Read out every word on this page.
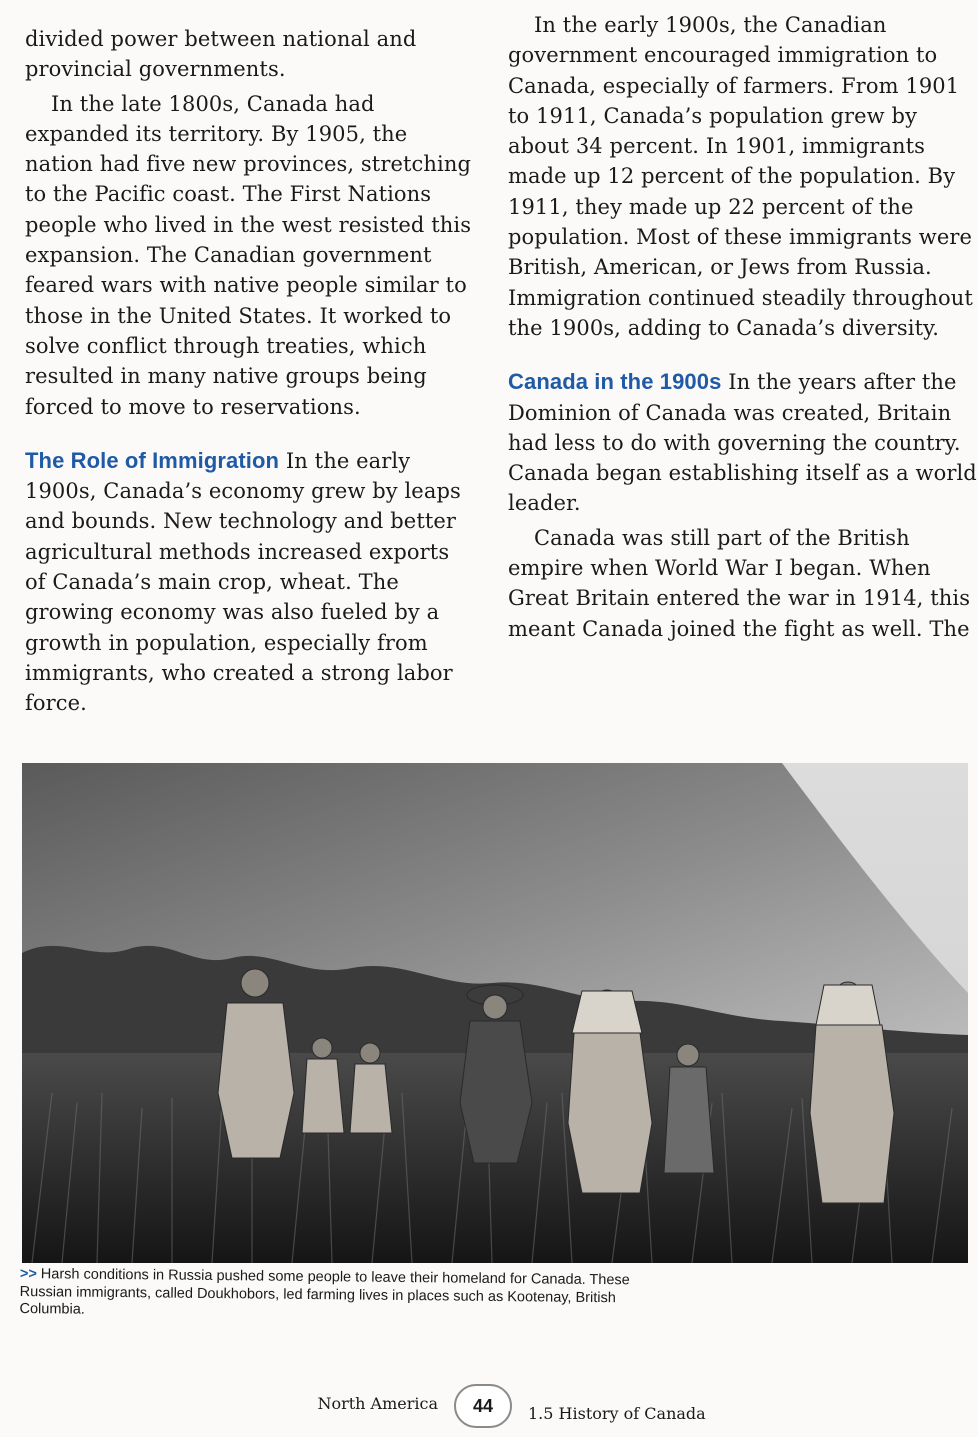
divided power between national and provincial governments.

In the late 1800s, Canada had expanded its territory. By 1905, the nation had five new provinces, stretching to the Pacific coast. The First Nations people who lived in the west resisted this expansion. The Canadian government feared wars with native people similar to those in the United States. It worked to solve conflict through treaties, which resulted in many native groups being forced to move to reservations.

The Role of Immigration In the early 1900s, Canada’s economy grew by leaps and bounds. New technology and better agricultural methods increased exports of Canada’s main crop, wheat. The growing economy was also fueled by a growth in population, especially from immigrants, who created a strong labor force.

In the early 1900s, the Canadian government encouraged immigration to Canada, especially of farmers. From 1901 to 1911, Canada’s population grew by about 34 percent. In 1901, immigrants made up 12 percent of the population. By 1911, they made up 22 percent of the population. Most of these immigrants were British, American, or Jews from Russia. Immigration continued steadily throughout the 1900s, adding to Canada’s diversity.

Canada in the 1900s In the years after the Dominion of Canada was created, Britain had less to do with governing the country. Canada began establishing itself as a world leader.

Canada was still part of the British empire when World War I began. When Great Britain entered the war in 1914, this meant Canada joined the fight as well. The

>> Harsh conditions in Russia pushed some people to leave their homeland for Canada. These Russian immigrants, called Doukhobors, led farming lives in places such as Kootenay, British Columbia.
North America	44	1.5 History of Canada
